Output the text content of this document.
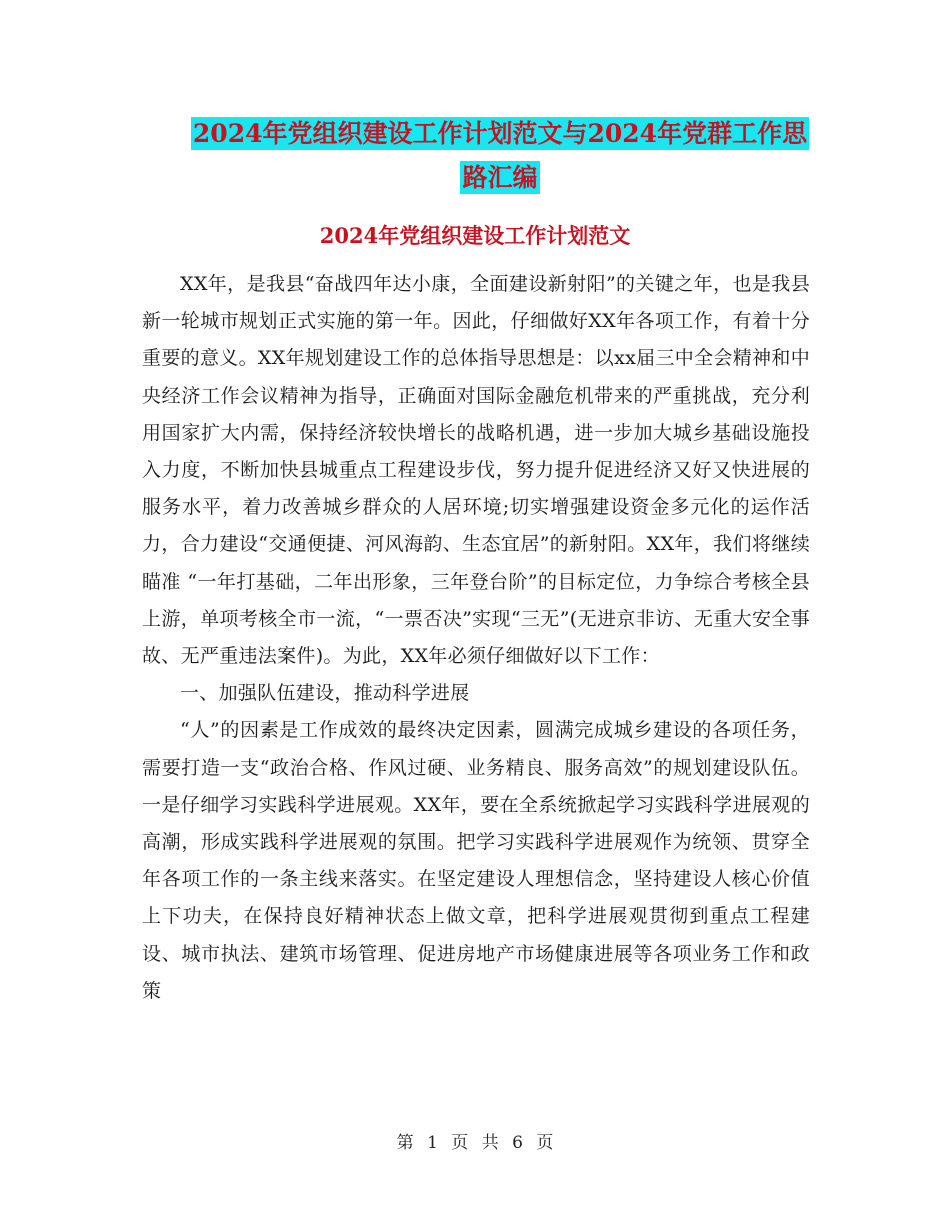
2024年党组织建设工作计划范文与2024年党群工作思
路汇编
2024年党组织建设工作计划范文

XX年，是我县“奋战四年达小康，全面建设新射阳”的关键之年，也是我县新一轮城市规划正式实施的第一年。因此，仔细做好XX年各项工作，有着十分重要的意义。XX年规划建设工作的总体指导思想是：以xx届三中全会精神和中央经济工作会议精神为指导，正确面对国际金融危机带来的严重挑战，充分利用国家扩大内需，保持经济较快增长的战略机遇，进一步加大城乡基础设施投入力度，不断加快县城重点工程建设步伐，努力提升促进经济又好又快进展的服务水平，着力改善城乡群众的人居环境;切实增强建设资金多元化的运作活力，合力建设“交通便捷、河风海韵、生态宜居”的新射阳。XX年，我们将继续瞄准 “一年打基础，二年出形象，三年登台阶”的目标定位，力争综合考核全县上游，单项考核全市一流，“一票否决”实现“三无”(无进京非访、无重大安全事故、无严重违法案件)。为此，XX年必须仔细做好以下工作：

一、加强队伍建设，推动科学进展

“人”的因素是工作成效的最终决定因素，圆满完成城乡建设的各项任务，需要打造一支“政治合格、作风过硬、业务精良、服务高效”的规划建设队伍。一是仔细学习实践科学进展观。XX年，要在全系统掀起学习实践科学进展观的高潮，形成实践科学进展观的氛围。把学习实践科学进展观作为统领、贯穿全年各项工作的一条主线来落实。在坚定建设人理想信念，坚持建设人核心价值上下功夫，在保持良好精神状态上做文章，把科学进展观贯彻到重点工程建设、城市执法、建筑市场管理、促进房地产市场健康进展等各项业务工作和政策

第 1 页 共 6 页
